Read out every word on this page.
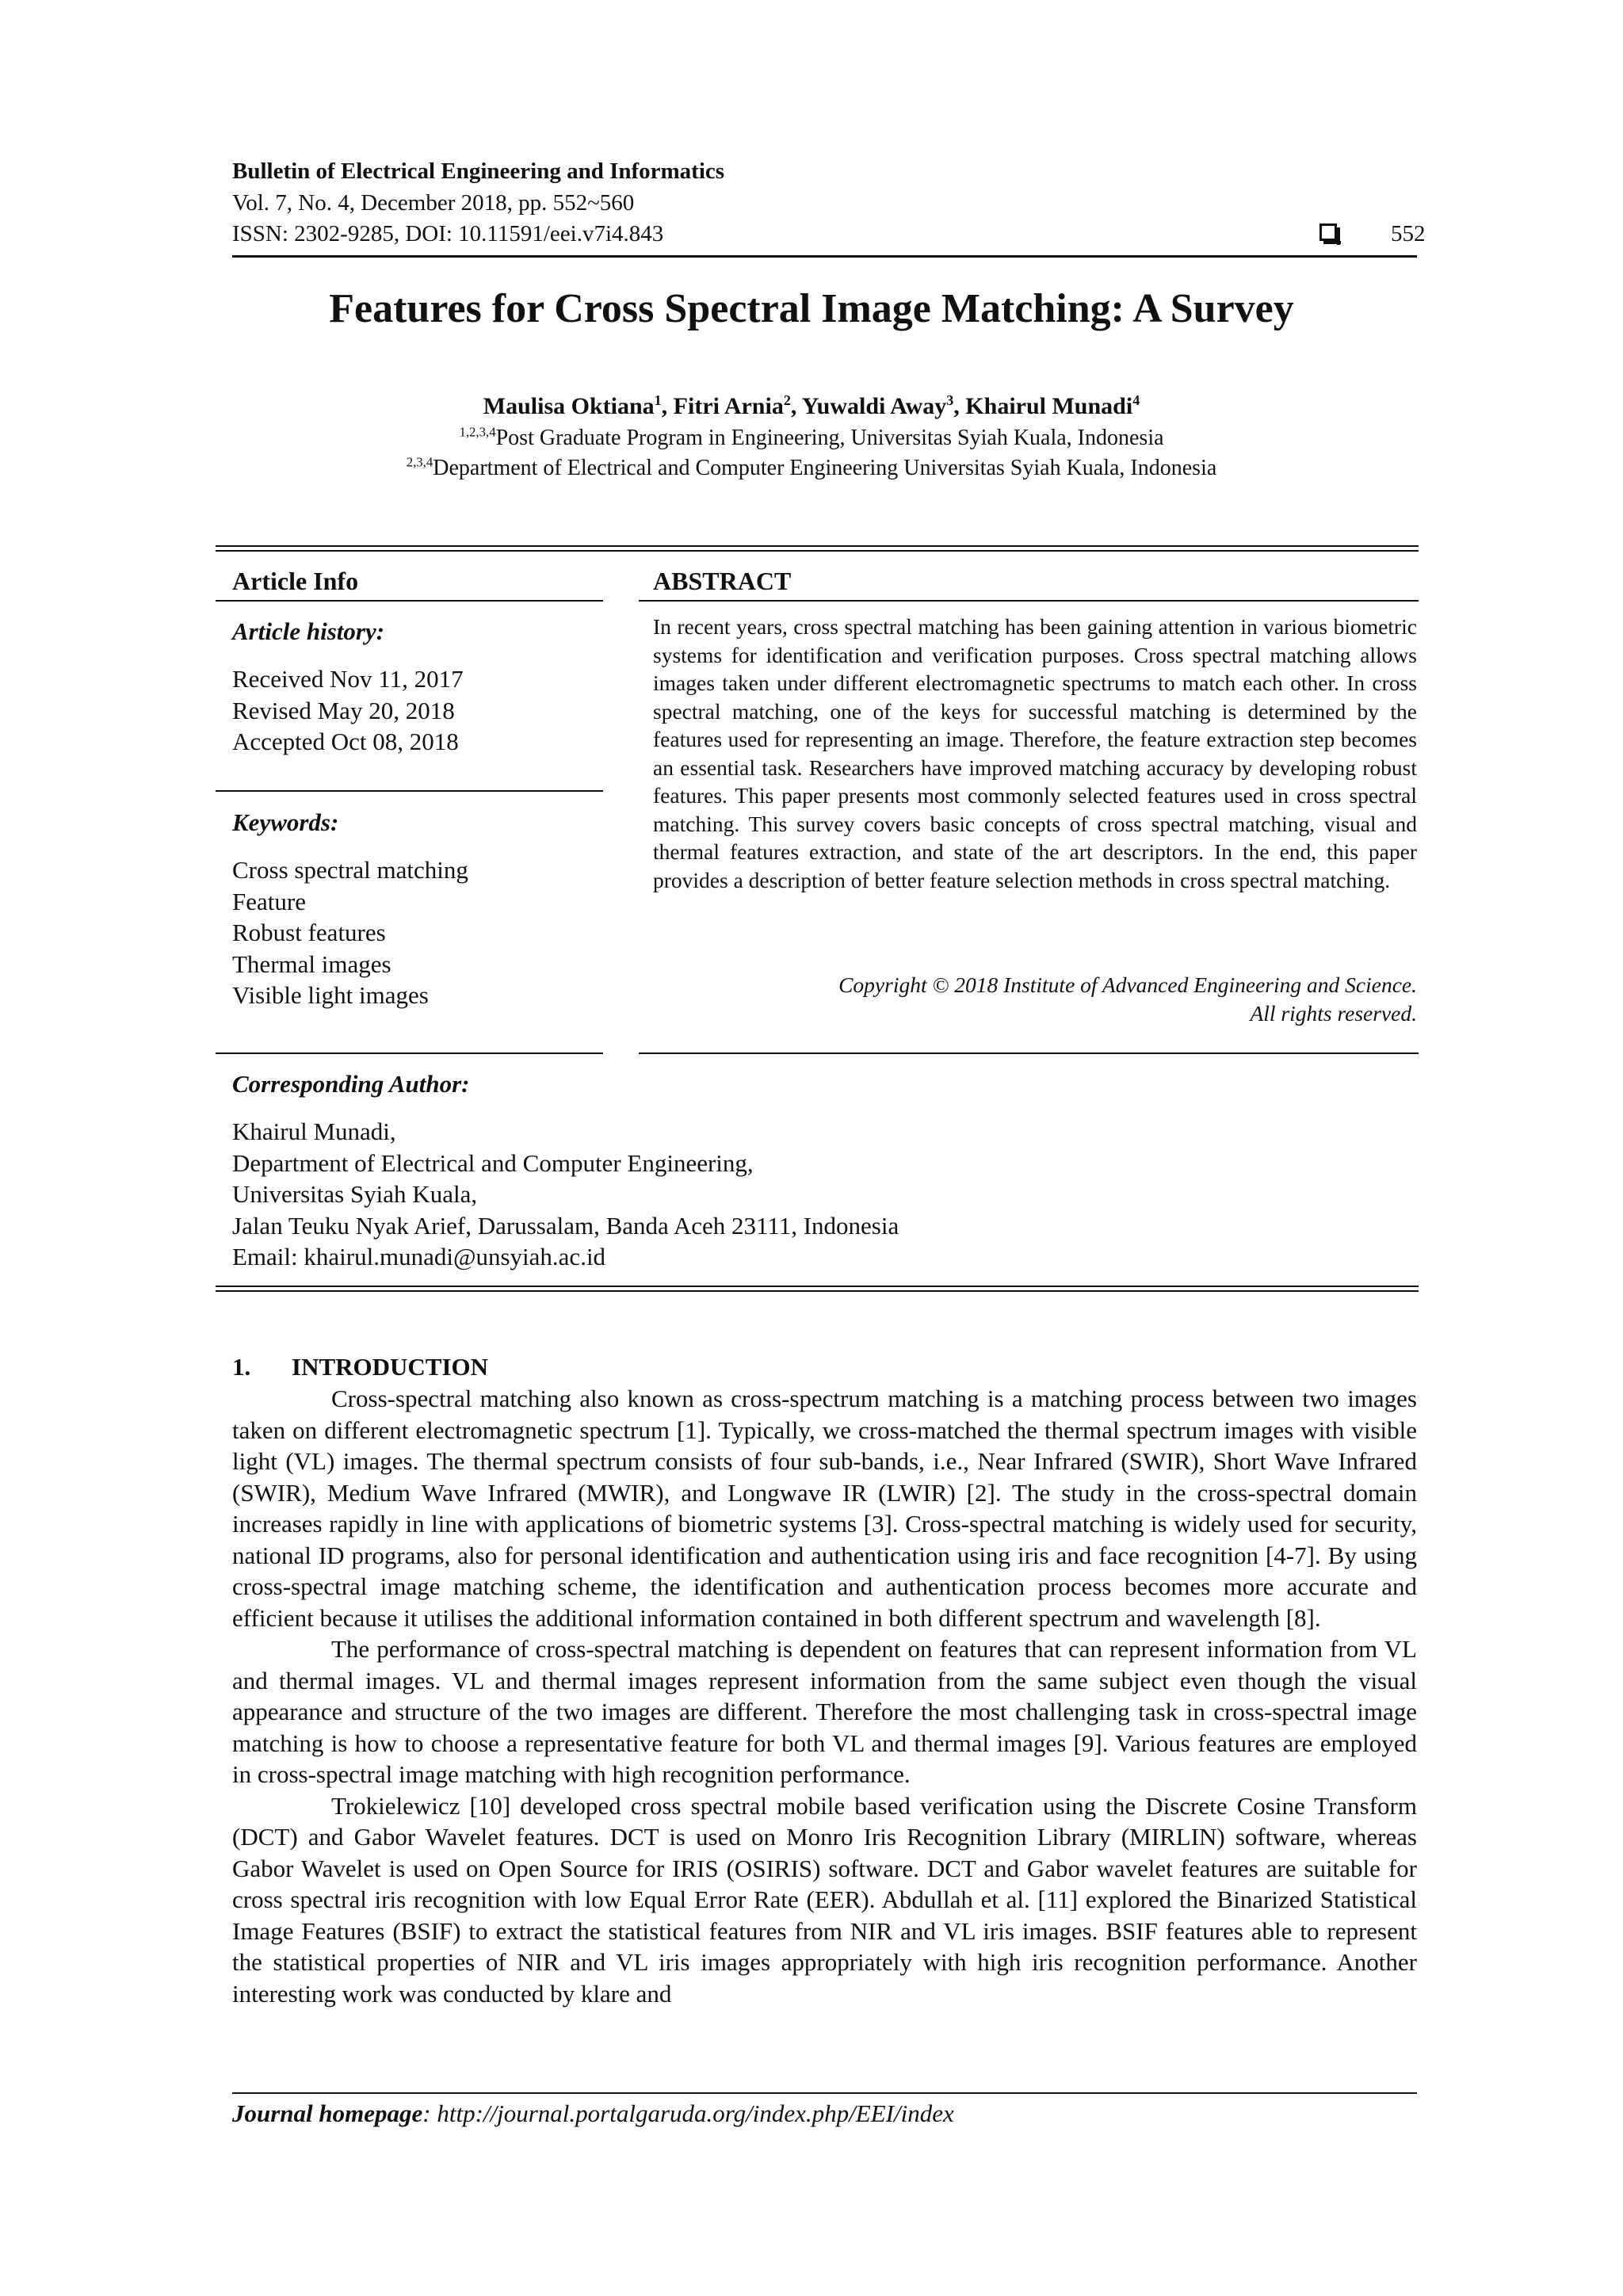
Bulletin of Electrical Engineering and Informatics
Vol. 7, No. 4, December 2018, pp. 552~560
ISSN: 2302-9285, DOI: 10.11591/eei.v7i4.843	552
Features for Cross Spectral Image Matching: A Survey
Maulisa Oktiana$^1$, Fitri Arnia$^2$, Yuwaldi Away$^3$, Khairul Munadi$^4$
$^{1,2,3,4}$Post Graduate Program in Engineering, Universitas Syiah Kuala, Indonesia
$^{2,3,4}$Department of Electrical and Computer Engineering Universitas Syiah Kuala, Indonesia
Article Info
Article history:
Received Nov 11, 2017
Revised May 20, 2018
Accepted Oct 08, 2018
Keywords:
Cross spectral matching
Feature
Robust features
Thermal images
Visible light images
ABSTRACT
In recent years, cross spectral matching has been gaining attention in various biometric systems for identification and verification purposes. Cross spectral matching allows images taken under different electromagnetic spectrums to match each other. In cross spectral matching, one of the keys for successful matching is determined by the features used for representing an image. Therefore, the feature extraction step becomes an essential task. Researchers have improved matching accuracy by developing robust features. This paper presents most commonly selected features used in cross spectral matching. This survey covers basic concepts of cross spectral matching, visual and thermal features extraction, and state of the art descriptors. In the end, this paper provides a description of better feature selection methods in cross spectral matching.
Copyright © 2018 Institute of Advanced Engineering and Science.
All rights reserved.
Corresponding Author:
Khairul Munadi,
Department of Electrical and Computer Engineering,
Universitas Syiah Kuala,
Jalan Teuku Nyak Arief, Darussalam, Banda Aceh 23111, Indonesia
Email: khairul.munadi@unsyiah.ac.id
1. INTRODUCTION

Cross-spectral matching also known as cross-spectrum matching is a matching process between two images taken on different electromagnetic spectrum [1]. Typically, we cross-matched the thermal spectrum images with visible light (VL) images. The thermal spectrum consists of four sub-bands, i.e., Near Infrared (SWIR), Short Wave Infrared (SWIR), Medium Wave Infrared (MWIR), and Longwave IR (LWIR) [2]. The study in the cross-spectral domain increases rapidly in line with applications of biometric systems [3]. Cross-spectral matching is widely used for security, national ID programs, also for personal identification and authentication using iris and face recognition [4-7]. By using cross-spectral image matching scheme, the identification and authentication process becomes more accurate and efficient because it utilises the additional information contained in both different spectrum and wavelength [8].

The performance of cross-spectral matching is dependent on features that can represent information from VL and thermal images. VL and thermal images represent information from the same subject even though the visual appearance and structure of the two images are different. Therefore the most challenging task in cross-spectral image matching is how to choose a representative feature for both VL and thermal images [9]. Various features are employed in cross-spectral image matching with high recognition performance.

Trokielewicz [10] developed cross spectral mobile based verification using the Discrete Cosine Transform (DCT) and Gabor Wavelet features. DCT is used on Monro Iris Recognition Library (MIRLIN) software, whereas Gabor Wavelet is used on Open Source for IRIS (OSIRIS) software. DCT and Gabor wavelet features are suitable for cross spectral iris recognition with low Equal Error Rate (EER). Abdullah et al. [11] explored the Binarized Statistical Image Features (BSIF) to extract the statistical features from NIR and VL iris images. BSIF features able to represent the statistical properties of NIR and VL iris images appropriately with high iris recognition performance. Another interesting work was conducted by klare and

Journal homepage: http://journal.portalgaruda.org/index.php/EEI/index
